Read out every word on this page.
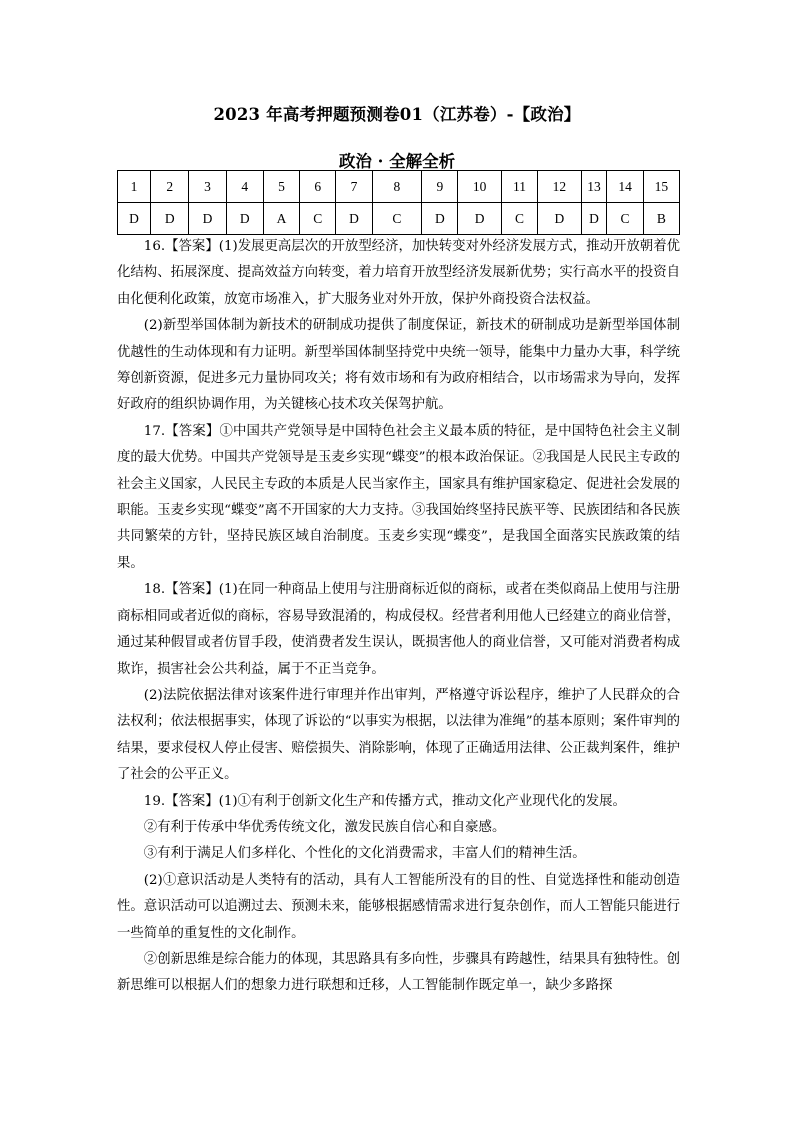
2023 年高考押题预测卷01（江苏卷）-【政治】
政治 · 全解全析
1	2	3	4	5	6	7	8	9	10	11	12	13	14	15
D	D	D	D	A	C	D	C	D	D	C	D	D	C	B

16.【答案】(1)发展更高层次的开放型经济，加快转变对外经济发展方式，推动开放朝着优化结构、拓展深度、提高效益方向转变，着力培育开放型经济发展新优势；实行高水平的投资自由化便利化政策，放宽市场准入，扩大服务业对外开放，保护外商投资合法权益。

(2)新型举国体制为新技术的研制成功提供了制度保证，新技术的研制成功是新型举国体制优越性的生动体现和有力证明。新型举国体制坚持党中央统一领导，能集中力量办大事，科学统筹创新资源，促进多元力量协同攻关；将有效市场和有为政府相结合，以市场需求为导向，发挥好政府的组织协调作用，为关键核心技术攻关保驾护航。

17.【答案】①中国共产党领导是中国特色社会主义最本质的特征，是中国特色社会主义制度的最大优势。中国共产党领导是玉麦乡实现“蝶变”的根本政治保证。②我国是人民民主专政的社会主义国家，人民民主专政的本质是人民当家作主，国家具有维护国家稳定、促进社会发展的职能。玉麦乡实现“蝶变”离不开国家的大力支持。③我国始终坚持民族平等、民族团结和各民族共同繁荣的方针，坚持民族区域自治制度。玉麦乡实现“蝶变”，是我国全面落实民族政策的结果。

18.【答案】(1)在同一种商品上使用与注册商标近似的商标，或者在类似商品上使用与注册商标相同或者近似的商标，容易导致混淆的，构成侵权。经营者利用他人已经建立的商业信誉，通过某种假冒或者仿冒手段，使消费者发生误认，既损害他人的商业信誉，又可能对消费者构成欺诈，损害社会公共利益，属于不正当竞争。

(2)法院依据法律对该案件进行审理并作出审判，严格遵守诉讼程序，维护了人民群众的合法权利；依法根据事实，体现了诉讼的“以事实为根据，以法律为准绳”的基本原则；案件审判的结果，要求侵权人停止侵害、赔偿损失、消除影响，体现了正确适用法律、公正裁判案件，维护了社会的公平正义。

19.【答案】(1)①有利于创新文化生产和传播方式，推动文化产业现代化的发展。

②有利于传承中华优秀传统文化，激发民族自信心和自豪感。

③有利于满足人们多样化、个性化的文化消费需求，丰富人们的精神生活。

(2)①意识活动是人类特有的活动，具有人工智能所没有的目的性、自觉选择性和能动创造性。意识活动可以追溯过去、预测未来，能够根据感情需求进行复杂创作，而人工智能只能进行一些简单的重复性的文化制作。

②创新思维是综合能力的体现，其思路具有多向性，步骤具有跨越性，结果具有独特性。创新思维可以根据人们的想象力进行联想和迁移，人工智能制作既定单一，缺少多路探
